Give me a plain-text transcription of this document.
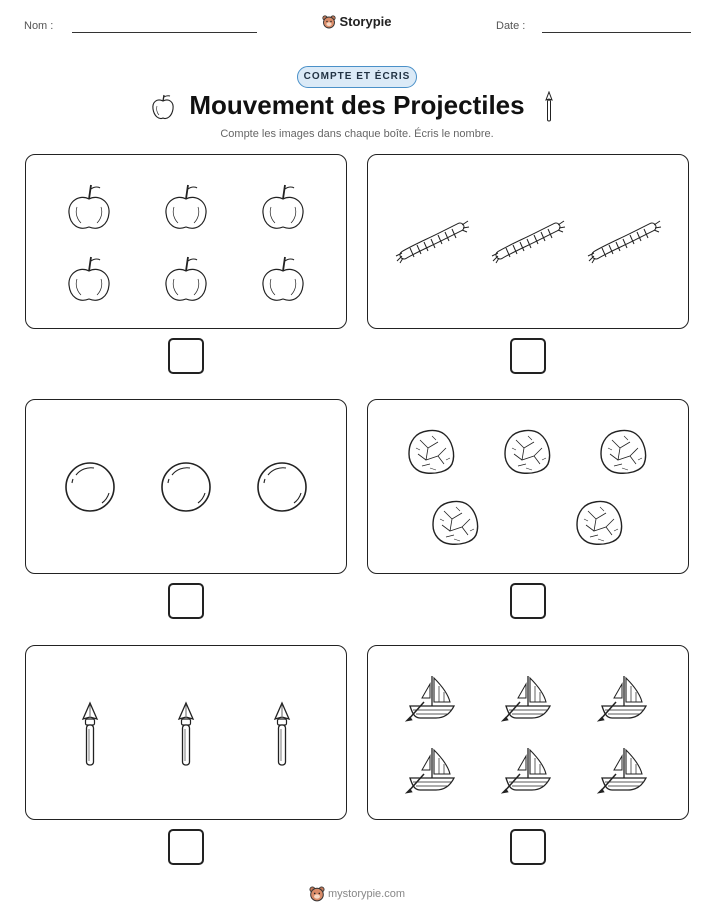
Nom :	Storypie	Date :
COMPTE ET ÉCRIS
Mouvement des Projectiles
Compte les images dans chaque boîte. Écris le nombre.
mystorypie.com
